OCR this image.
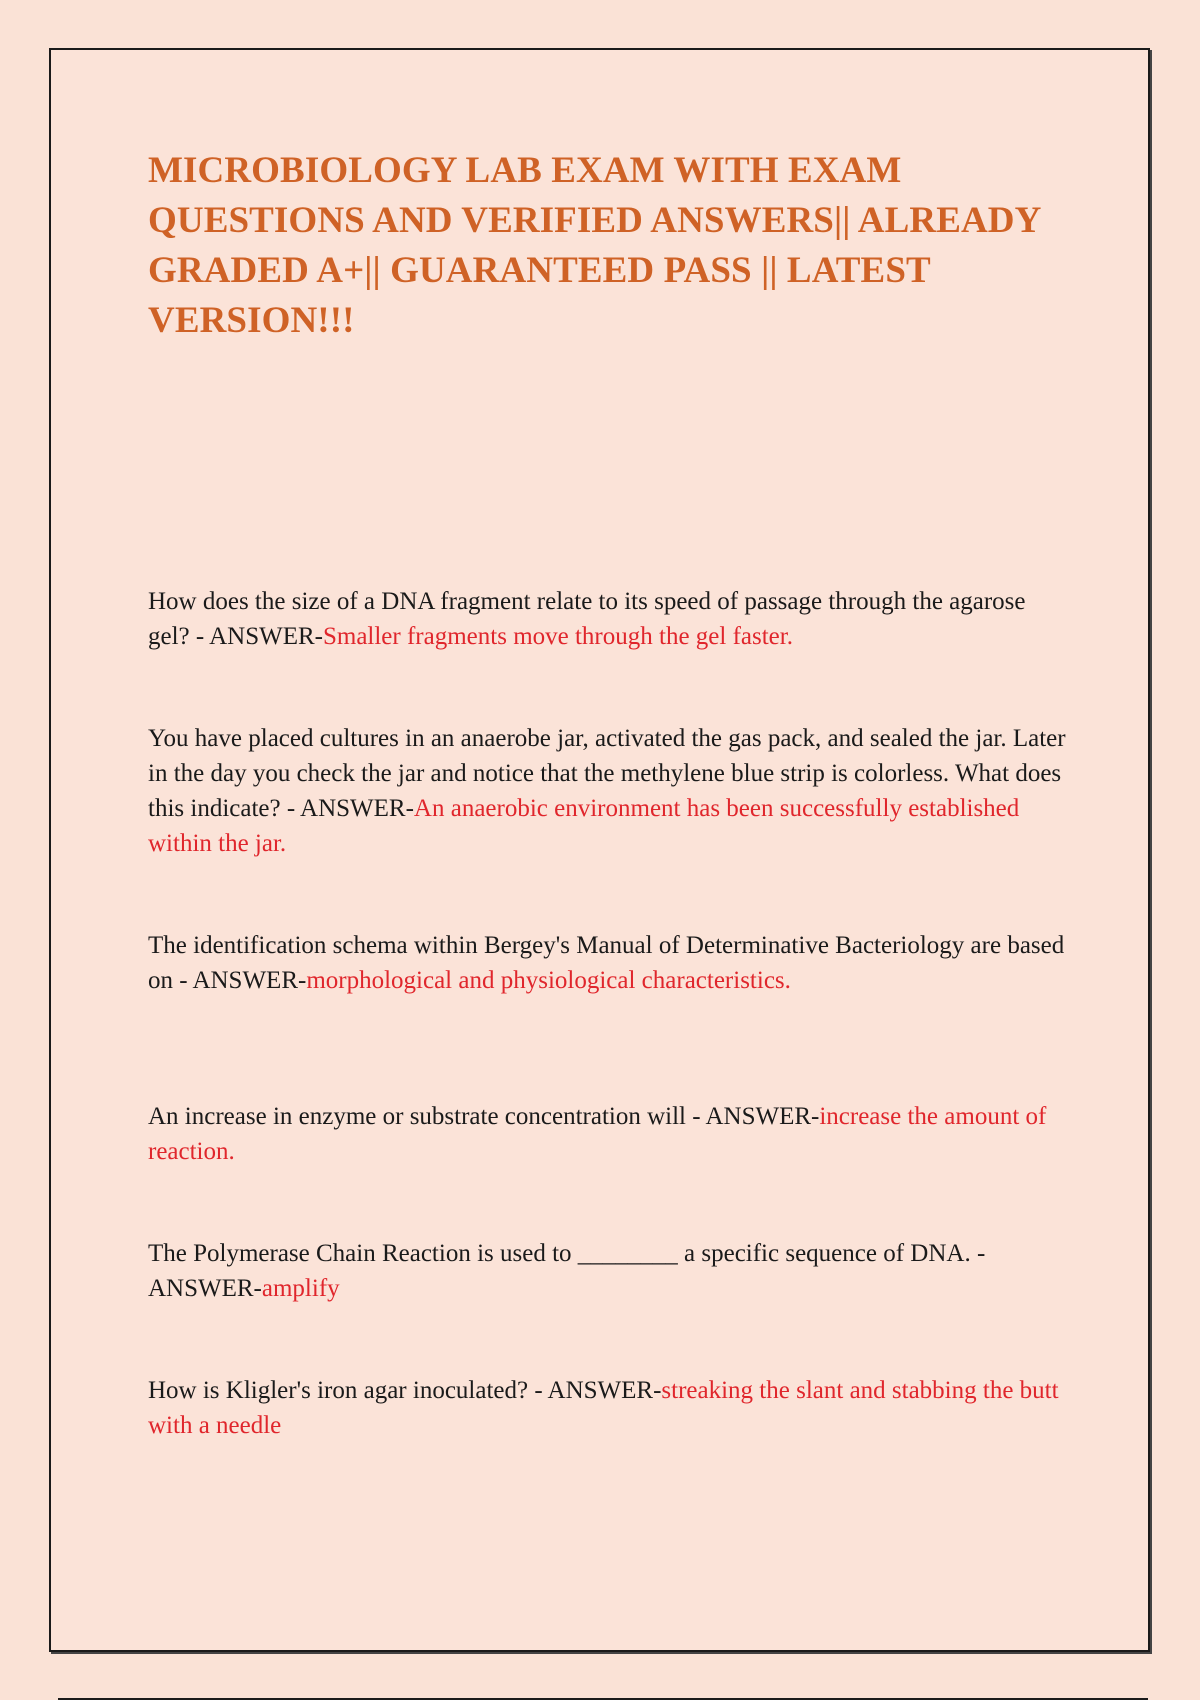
MICROBIOLOGY LAB EXAM WITH EXAM QUESTIONS AND VERIFIED ANSWERS|| ALREADY GRADED A+|| GUARANTEED PASS || LATEST VERSION!!!

How does the size of a DNA fragment relate to its speed of passage through the agarose gel? - ANSWER-Smaller fragments move through the gel faster.

You have placed cultures in an anaerobe jar, activated the gas pack, and sealed the jar. Later in the day you check the jar and notice that the methylene blue strip is colorless. What does this indicate? - ANSWER-An anaerobic environment has been successfully established within the jar.

The identification schema within Bergey's Manual of Determinative Bacteriology are based on - ANSWER-morphological and physiological characteristics.

An increase in enzyme or substrate concentration will - ANSWER-increase the amount of reaction.

The Polymerase Chain Reaction is used to ________ a specific sequence of DNA. - ANSWER-amplify

How is Kligler's iron agar inoculated? - ANSWER-streaking the slant and stabbing the butt with a needle
